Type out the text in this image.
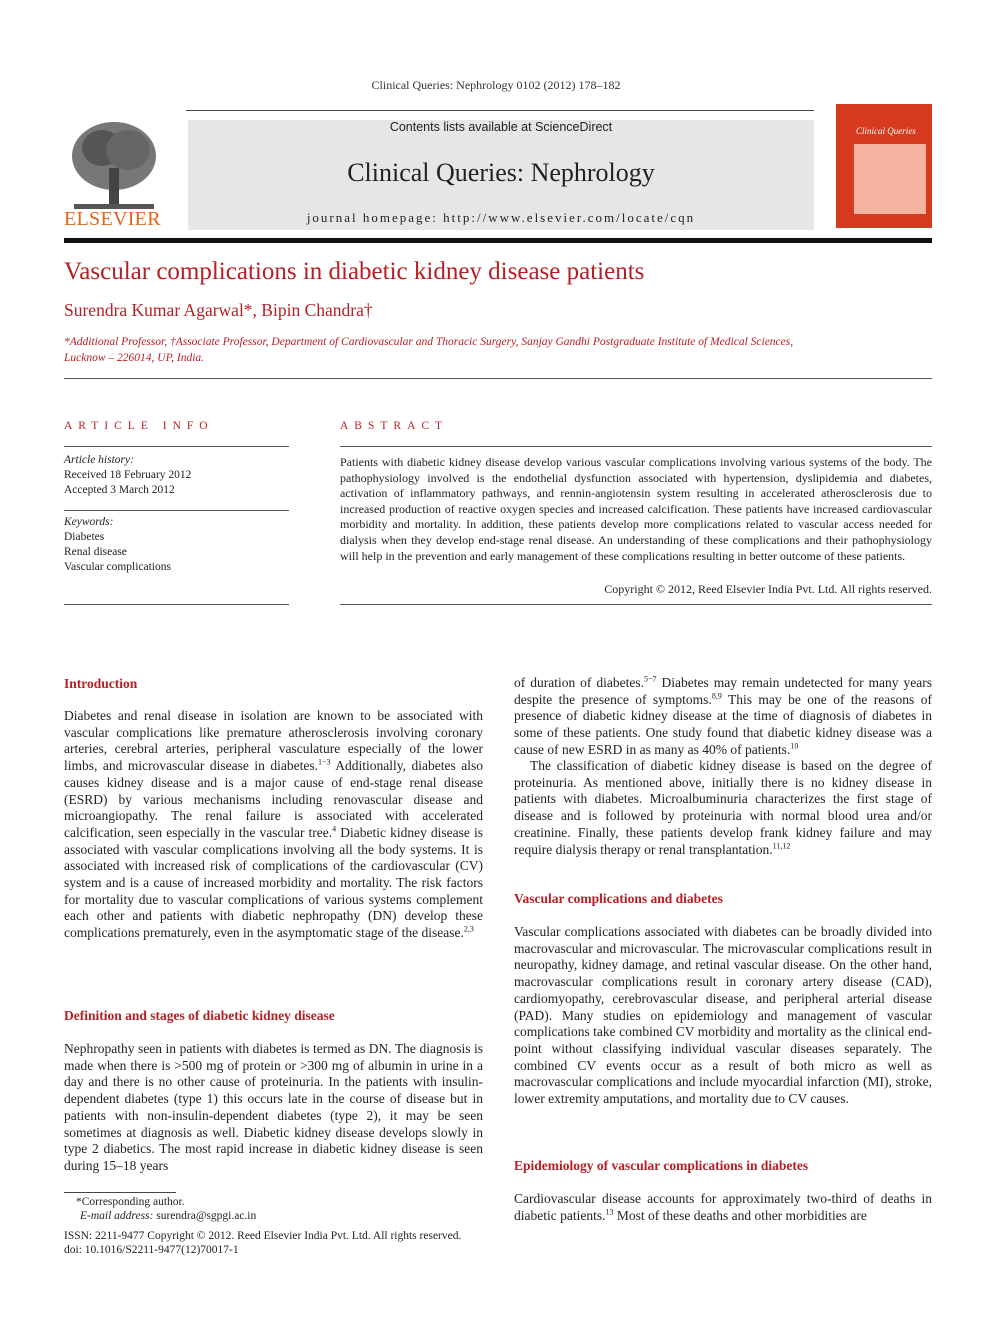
Clinical Queries: Nephrology 0102 (2012) 178–182
ELSEVIER
Contents lists available at ScienceDirect
Clinical Queries: Nephrology
journal homepage: http://www.elsevier.com/locate/cqn
Clinical Queries
Vascular complications in diabetic kidney disease patients
Surendra Kumar Agarwal*, Bipin Chandra†
*Additional Professor, †Associate Professor, Department of Cardiovascular and Thoracic Surgery, Sanjay Gandhi Postgraduate Institute of Medical Sciences,
Lucknow – 226014, UP, India.
ARTICLE INFO	ABSTRACT
Article history:
Received 18 February 2012
Accepted 3 March 2012
Keywords:
Diabetes
Renal disease
Vascular complications
Patients with diabetic kidney disease develop various vascular complications involving various systems of the body. The pathophysiology involved is the endothelial dysfunction associated with hypertension, dyslipidemia and diabetes, activation of inflammatory pathways, and rennin-angiotensin system resulting in accelerated atherosclerosis due to increased production of reactive oxygen species and increased calcification. These patients have increased cardiovascular morbidity and mortality. In addition, these patients develop more complications related to vascular access needed for dialysis when they develop end-stage renal disease. An understanding of these complications and their pathophysiology will help in the prevention and early management of these complications resulting in better outcome of these patients.
Copyright © 2012, Reed Elsevier India Pvt. Ltd. All rights reserved.
Introduction
Diabetes and renal disease in isolation are known to be associated with vascular complications like premature atherosclerosis involving coronary arteries, cerebral arteries, peripheral vasculature especially of the lower limbs, and microvascular disease in diabetes.$^{1-3}$ Additionally, diabetes also causes kidney disease and is a major cause of end-stage renal disease (ESRD) by various mechanisms including renovascular disease and microangiopathy. The renal failure is associated with accelerated calcification, seen especially in the vascular tree.$^4$ Diabetic kidney disease is associated with vascular complications involving all the body systems. It is associated with increased risk of complications of the cardiovascular (CV) system and is a cause of increased morbidity and mortality. The risk factors for mortality due to vascular complications of various systems complement each other and patients with diabetic nephropathy (DN) develop these complications prematurely, even in the asymptomatic stage of the disease.$^{2,3}$
Definition and stages of diabetic kidney disease
Nephropathy seen in patients with diabetes is termed as DN. The diagnosis is made when there is >500 mg of protein or >300 mg of albumin in urine in a day and there is no other cause of proteinuria. In the patients with insulin-dependent diabetes (type 1) this occurs late in the course of disease but in patients with non-insulin-dependent diabetes (type 2), it may be seen sometimes at diagnosis as well. Diabetic kidney disease develops slowly in type 2 diabetics. The most rapid increase in diabetic kidney disease is seen during 15–18 years
*Corresponding author.
E-mail address: surendra@sgpgi.ac.in
ISSN: 2211-9477 Copyright © 2012. Reed Elsevier India Pvt. Ltd. All rights reserved.
doi: 10.1016/S2211-9477(12)70017-1
of duration of diabetes.$^{5-7}$ Diabetes may remain undetected for many years despite the presence of symptoms.$^{8,9}$ This may be one of the reasons of presence of diabetic kidney disease at the time of diagnosis of diabetes in some of these patients. One study found that diabetic kidney disease was a cause of new ESRD in as many as 40% of patients.$^{10}$
The classification of diabetic kidney disease is based on the degree of proteinuria. As mentioned above, initially there is no kidney disease in patients with diabetes. Microalbuminuria characterizes the first stage of disease and is followed by proteinuria with normal blood urea and/or creatinine. Finally, these patients develop frank kidney failure and may require dialysis therapy or renal transplantation.$^{11,12}$
Vascular complications and diabetes
Vascular complications associated with diabetes can be broadly divided into macrovascular and microvascular. The microvascular complications result in neuropathy, kidney damage, and retinal vascular disease. On the other hand, macrovascular complications result in coronary artery disease (CAD), cardiomyopathy, cerebrovascular disease, and peripheral arterial disease (PAD). Many studies on epidemiology and management of vascular complications take combined CV morbidity and mortality as the clinical end-point without classifying individual vascular diseases separately. The combined CV events occur as a result of both micro as well as macrovascular complications and include myocardial infarction (MI), stroke, lower extremity amputations, and mortality due to CV causes.
Epidemiology of vascular complications in diabetes
Cardiovascular disease accounts for approximately two-third of deaths in diabetic patients.$^{13}$ Most of these deaths and other morbidities are
